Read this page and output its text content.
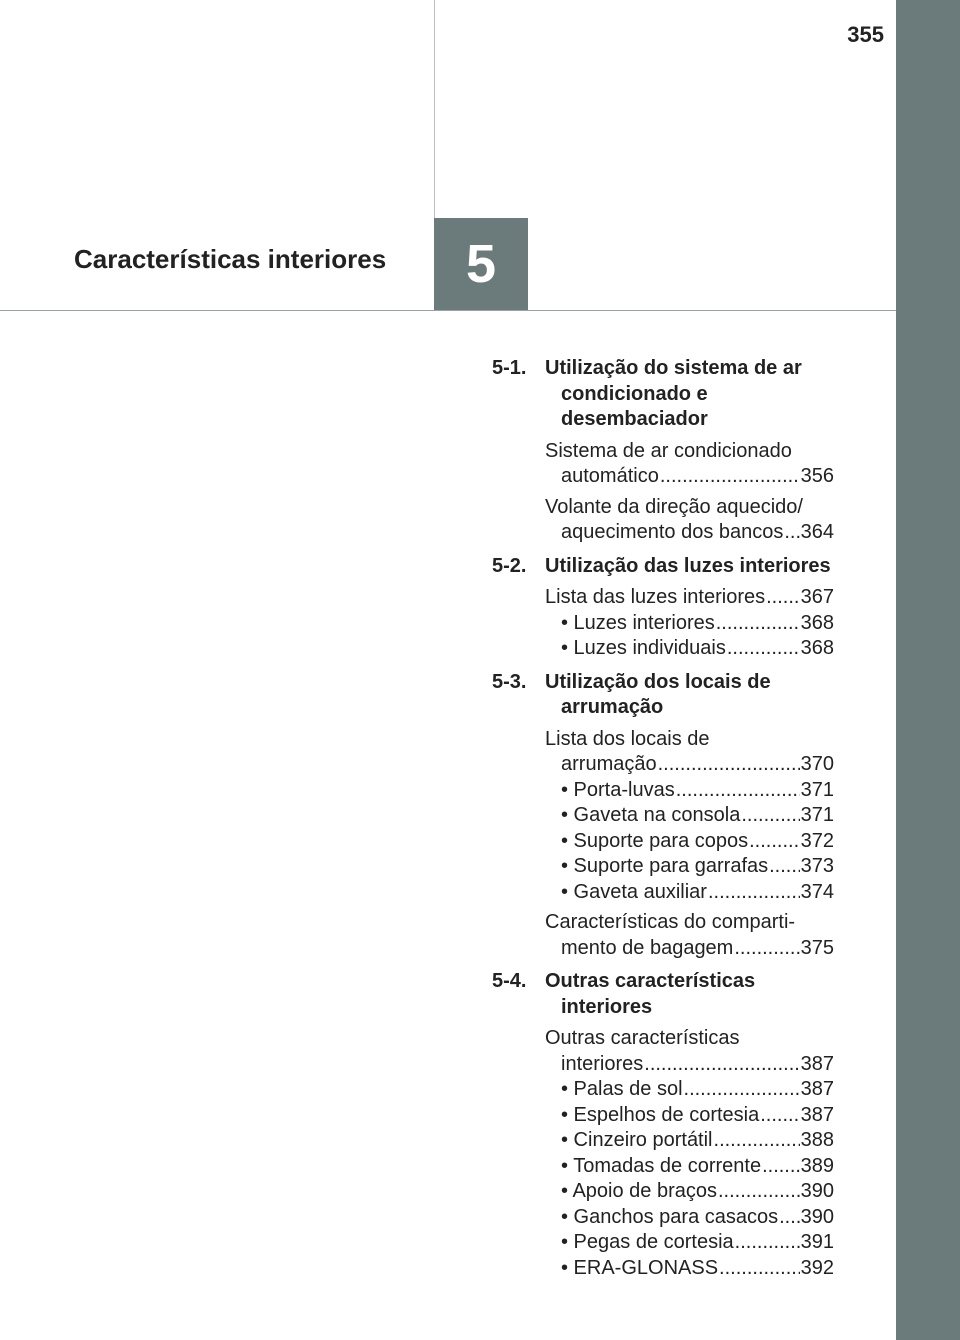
355
5
Características interiores
5-1. Utilização do sistema de ar condicionado e desembaciador
Sistema de ar condicionado
automático .....	356
Volante da direção aquecido/
aquecimento dos bancos ..... 364
5-2. Utilização das luzes interiores
Lista das luzes interiores ..... 367
• Luzes interiores .....	368
• Luzes individuais .....	368
5-3. Utilização dos locais de arrumação
Lista dos locais de
arrumação .....	370
• Porta-luvas .....	371
• Gaveta na consola .....	371
• Suporte para copos .....	372
• Suporte para garrafas ..... 373
• Gaveta auxiliar .....	374
Características do comparti-
mento de bagagem .....	375
5-4. Outras características interiores
Outras características
interiores .....	387
• Palas de sol .....	387
• Espelhos de cortesia ..... 387
• Cinzeiro portátil .....	388
• Tomadas de corrente ..... 389
• Apoio de braços .....	390
• Ganchos para casacos ..... 390
• Pegas de cortesia .....	391
• ERA-GLONASS .....	392
